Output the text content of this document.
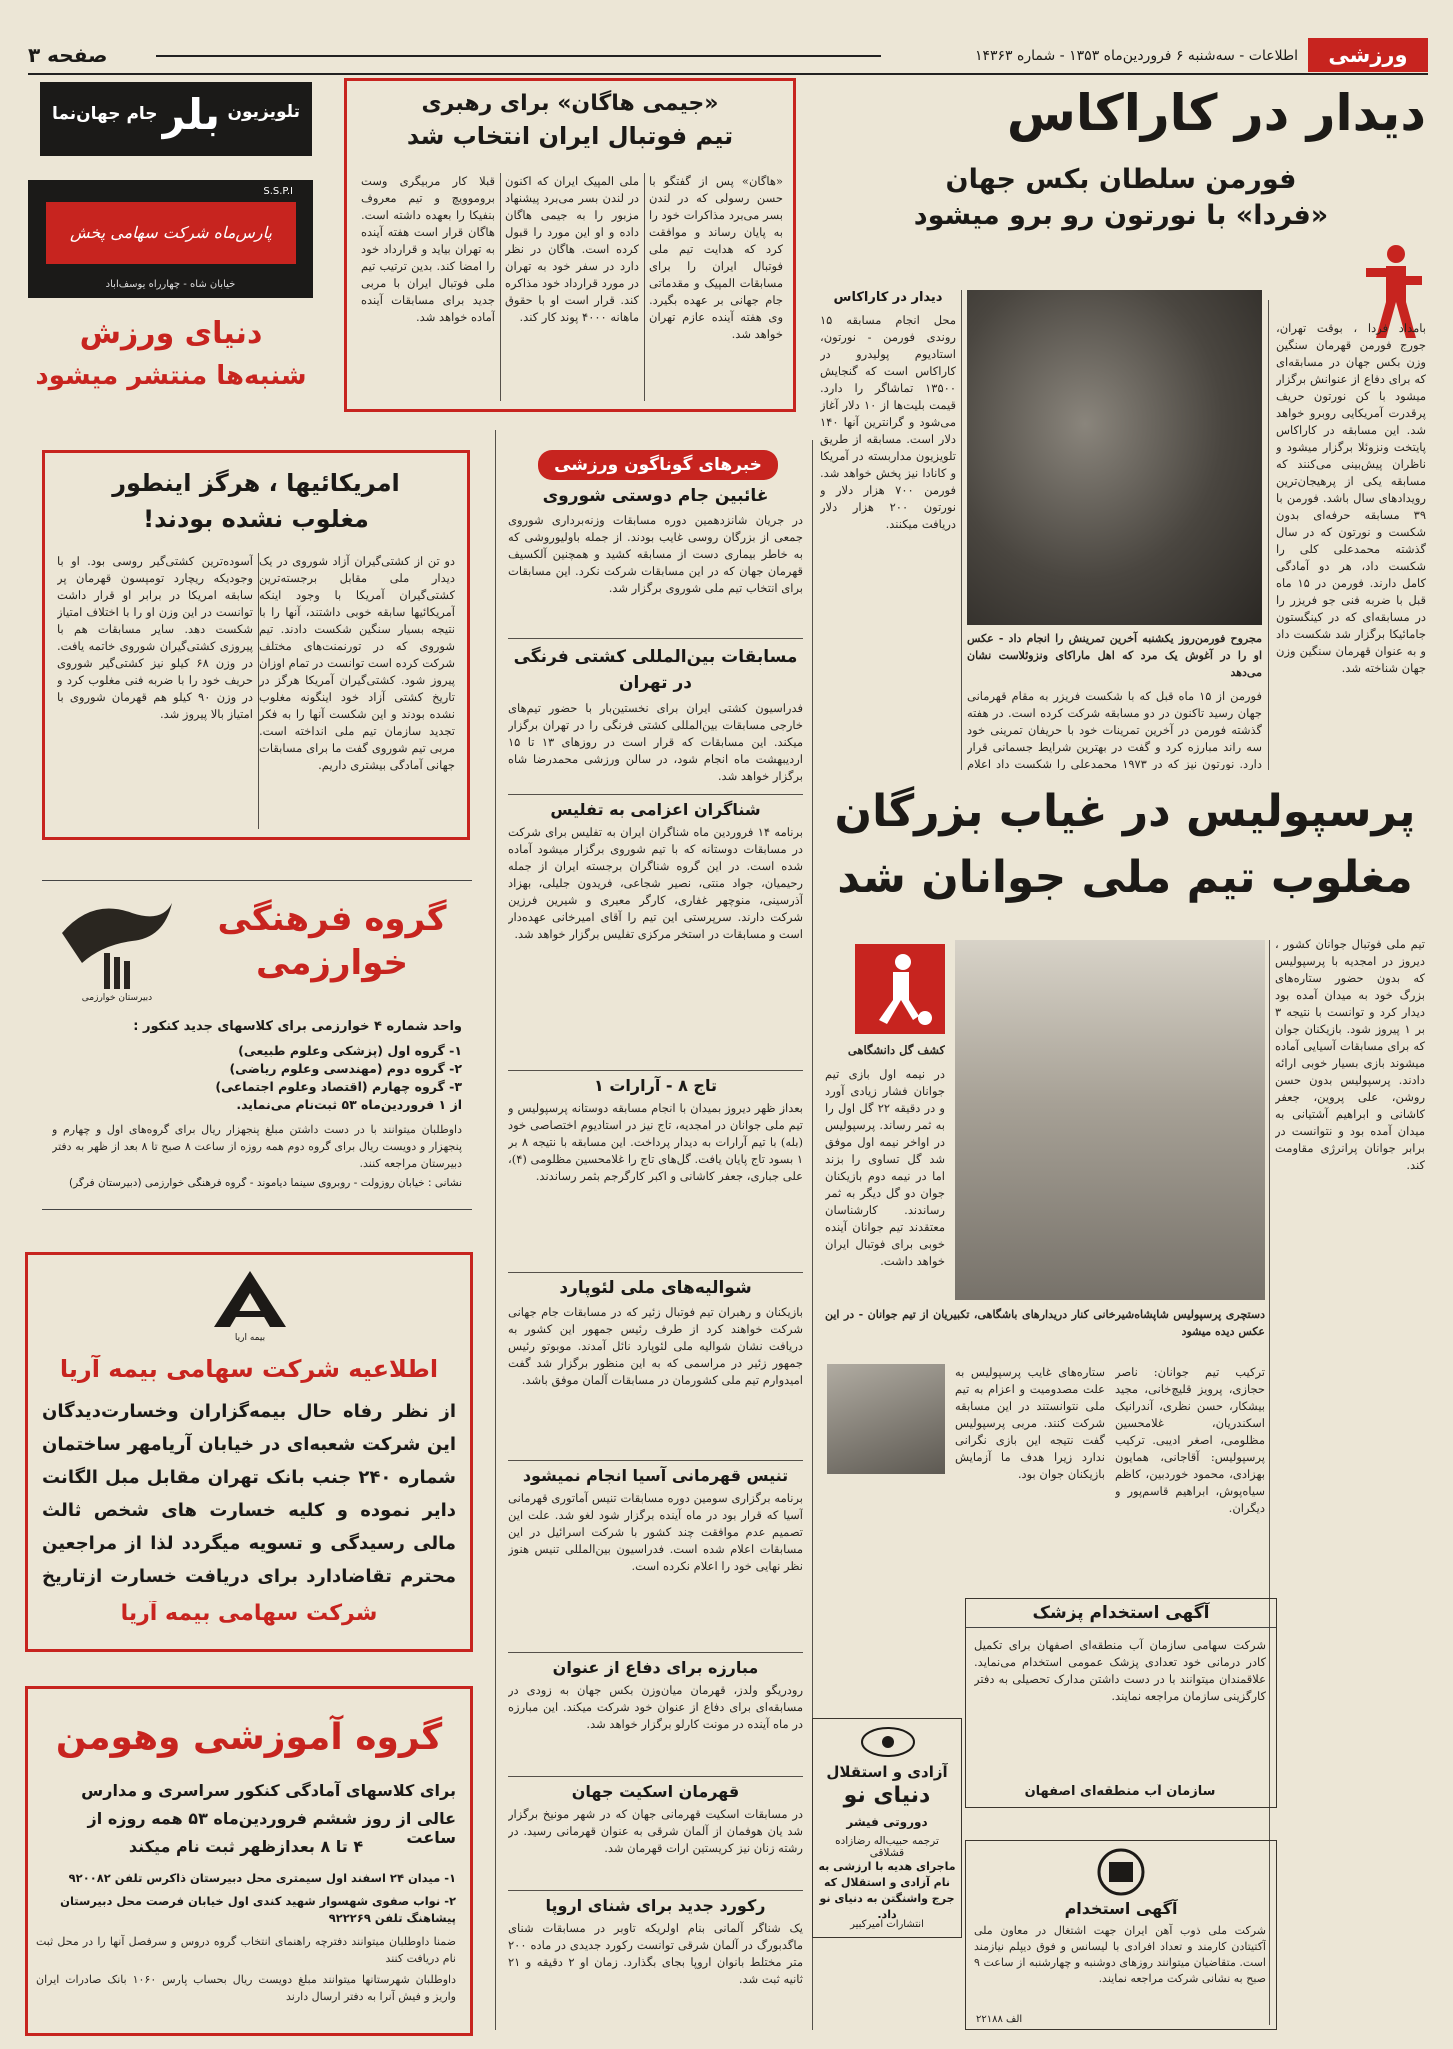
ورزشی
اطلاعات - سه‌شنبه ۶ فروردین‌ماه ۱۳۵۳ - شماره ۱۴۳۶۳
صفحه ۳
تلویزیون
بلر
جام جهان‌نما
S.S.P.I
پارس‌ماه شرکت سهامی پخش
خیابان شاه - چهارراه یوسف‌آباد
دنیای ورزش
شنبه‌ها منتشر میشود
«جیمی هاگان» برای رهبری
تیم فوتبال ایران انتخاب شد
«هاگان» پس از گفتگو با حسن رسولی که در لندن بسر می‌برد مذاکرات خود را به پایان رساند و موافقت کرد که هدایت تیم ملی فوتبال ایران را برای مسابقات المپیک و مقدماتی جام جهانی بر عهده بگیرد. وی هفته آینده عازم تهران خواهد شد.
ملی المپیک ایران که اکنون در لندن بسر می‌برد پیشنهاد مزبور را به جیمی هاگان داده و او این مورد را قبول کرده است. هاگان در نظر دارد در سفر خود به تهران در مورد قرارداد خود مذاکره کند. قرار است او با حقوق ماهانه ۴۰۰۰ پوند کار کند.
قبلا کار مربیگری وست بروموویچ و تیم معروف بنفیکا را بعهده داشته است. هاگان قرار است هفته آینده به تهران بیاید و قرارداد خود را امضا کند. بدین ترتیب تیم ملی فوتبال ایران با مربی جدید برای مسابقات آینده آماده خواهد شد.
دیدار در کاراکاس
فورمن سلطان بکس جهان
«فردا» با نورتون رو برو میشود
بامداد فردا ، بوقت تهران، جورج فورمن قهرمان سنگین وزن بکس جهان در مسابقه‌ای که برای دفاع از عنوانش برگزار میشود با کن نورتون حریف پرقدرت آمریکایی روبرو خواهد شد. این مسابقه در کاراکاس پایتخت ونزوئلا برگزار میشود و ناظران پیش‌بینی می‌کنند که مسابقه یکی از پرهیجان‌ترین رویدادهای سال باشد. فورمن با ۳۹ مسابقه حرفه‌ای بدون شکست و نورتون که در سال گذشته محمدعلی کلی را شکست داد، هر دو آمادگی کامل دارند. فورمن در ۱۵ ماه قبل با ضربه فنی جو فریزر را در مسابقه‌ای که در کینگستون جامائیکا برگزار شد شکست داد و به عنوان قهرمان سنگین وزن جهان شناخته شد.
مجروح فورمن‌روز یکشنبه آخرین تمرینش را انجام داد - عکس او را در آغوش یک مرد که اهل ماراکای ونزوئلاست نشان می‌دهد
فورمن از ۱۵ ماه قبل که با شکست فریزر به مقام قهرمانی جهان رسید تاکنون در دو مسابقه شرکت کرده است. در هفته گذشته فورمن در آخرین تمرینات خود با حریفان تمرینی خود سه راند مبارزه کرد و گفت در بهترین شرایط جسمانی قرار دارد. نورتون نیز که در ۱۹۷۳ محمدعلی را شکست داد اعلام
دیدار در کاراکاس
محل انجام مسابقه ۱۵ روندی فورمن - نورتون، استادیوم پولیدرو در کاراکاس است که گنجایش ۱۳۵۰۰ تماشاگر را دارد. قیمت بلیت‌ها از ۱۰ دلار آغاز می‌شود و گرانترین آنها ۱۴۰ دلار است. مسابقه از طریق تلویزیون مداربسته در آمریکا و کانادا نیز پخش خواهد شد. فورمن ۷۰۰ هزار دلار و نورتون ۲۰۰ هزار دلار دریافت میکنند.
امریکائیها ، هرگز اینطور
مغلوب نشده بودند!
دو تن از کشتی‌گیران آزاد شوروی در یک دیدار ملی مقابل برجسته‌ترین کشتی‌گیران آمریکا با وجود اینکه آمریکائیها سابقه خوبی داشتند، آنها را با نتیجه بسیار سنگین شکست دادند. تیم شوروی که در تورنمنت‌های مختلف شرکت کرده است توانست در تمام اوزان پیروز شود. کشتی‌گیران آمریکا هرگز در تاریخ کشتی آزاد خود اینگونه مغلوب نشده بودند و این شکست آنها را به فکر تجدید سازمان تیم ملی انداخته است. مربی تیم شوروی گفت ما برای مسابقات جهانی آمادگی بیشتری داریم.
آسوده‌ترین کشتی‌گیر روسی بود. او با وجودیکه ریچارد تومپسون قهرمان پر سابقه امریکا در برابر او قرار داشت توانست در این وزن او را با اختلاف امتیاز شکست دهد. سایر مسابقات هم با پیروزی کشتی‌گیران شوروی خاتمه یافت. در وزن ۶۸ کیلو نیز کشتی‌گیر شوروی حریف خود را با ضربه فنی مغلوب کرد و در وزن ۹۰ کیلو هم قهرمان شوروی با امتیاز بالا پیروز شد.
خبرهای گوناگون ورزشی
غائبین جام دوستی شوروی
در جریان شانزدهمین دوره مسابقات وزنه‌برداری شوروی جمعی از بزرگان روسی غایب بودند. از جمله باولیوروشی که به خاطر بیماری دست از مسابقه کشید و همچنین آلکسیف قهرمان جهان که در این مسابقات شرکت نکرد. این مسابقات برای انتخاب تیم ملی شوروی برگزار شد.
مسابقات بین‌المللی کشتی فرنگی در تهران
فدراسیون کشتی ایران برای نخستین‌بار با حضور تیم‌های خارجی مسابقات بین‌المللی کشتی فرنگی را در تهران برگزار میکند. این مسابقات که قرار است در روزهای ۱۳ تا ۱۵ اردیبهشت ماه انجام شود، در سالن ورزشی محمدرضا شاه برگزار خواهد شد.
شناگران اعزامی به تفلیس
برنامه ۱۴ فروردین ماه شناگران ایران به تفلیس برای شرکت در مسابقات دوستانه که با تیم شوروی برگزار میشود آماده شده است. در این گروه شناگران برجسته ایران از جمله رحیمیان، جواد منتی، نصیر شجاعی، فریدون جلیلی، بهزاد آذرسینی، منوچهر غفاری، کارگر معیری و شیرین فرزین شرکت دارند. سرپرستی این تیم را آقای امیرخانی عهده‌دار است و مسابقات در استخر مرکزی تفلیس برگزار خواهد شد.
تاج ۸ - آرارات ۱
بعداز ظهر دیروز بمیدان با انجام مسابقه دوستانه پرسپولیس و تیم ملی جوانان در امجدیه، تاج نیز در استادیوم اختصاصی خود (بله) با تیم آرارات به دیدار پرداخت. این مسابقه با نتیجه ۸ بر ۱ بسود تاج پایان یافت. گل‌های تاج را غلامحسین مظلومی (۴)، علی جباری، جعفر کاشانی و اکبر کارگرجم بثمر رساندند.
شوالیه‌های ملی لئوپارد
بازیکنان و رهبران تیم فوتبال زئیر که در مسابقات جام جهانی شرکت خواهند کرد از طرف رئیس جمهور این کشور به دریافت نشان شوالیه ملی لئوپارد نائل آمدند. موبوتو رئیس جمهور زئیر در مراسمی که به این منظور برگزار شد گفت امیدوارم تیم ملی کشورمان در مسابقات آلمان موفق باشد.
تنیس قهرمانی آسیا انجام نمیشود
برنامه برگزاری سومین دوره مسابقات تنیس آماتوری قهرمانی آسیا که قرار بود در ماه آینده برگزار شود لغو شد. علت این تصمیم عدم موافقت چند کشور با شرکت اسرائیل در این مسابقات اعلام شده است. فدراسیون بین‌المللی تنیس هنوز نظر نهایی خود را اعلام نکرده است.
مبارزه برای دفاع از عنوان
رودریگو ولدز، قهرمان میان‌وزن بکس جهان به زودی در مسابقه‌ای برای دفاع از عنوان خود شرکت میکند. این مبارزه در ماه آینده در مونت کارلو برگزار خواهد شد.
قهرمان اسکیت جهان
در مسابقات اسکیت قهرمانی جهان که در شهر مونیخ برگزار شد یان هوفمان از آلمان شرقی به عنوان قهرمانی رسید. در رشته زنان نیز کریستین ارات قهرمان شد.
رکورد جدید برای شنای اروپا
یک شناگر آلمانی بنام اولریکه تاوبر در مسابقات شنای ماگدبورگ در آلمان شرقی توانست رکورد جدیدی در ماده ۲۰۰ متر مختلط بانوان اروپا بجای بگذارد. زمان او ۲ دقیقه و ۲۱ ثانیه ثبت شد.
دبیرستان خوارزمی
گروه فرهنگی
خوارزمی
واحد شماره ۴ خوارزمی برای کلاسهای جدید کنکور :
۱- گروه اول (پزشکی وعلوم طبیعی)
۲- گروه دوم (مهندسی وعلوم ریاضی)
۳- گروه چهارم (اقتصاد وعلوم اجتماعی)
از ۱ فروردین‌ماه ۵۳ ثبت‌نام می‌نماید.
داوطلبان میتوانند با در دست داشتن مبلغ پنجهزار ریال برای گروه‌های اول و چهارم و پنجهزار و دویست ریال برای گروه دوم همه روزه از ساعت ۸ صبح تا ۸ بعد از ظهر به دفتر دبیرستان مراجعه کنند.
نشانی : خیابان روزولت - روبروی سینما دیاموند - گروه فرهنگی خوارزمی (دبیرستان فرگر)
بیمه آریا
اطلاعیه شرکت سهامی بیمه آریا
از نظر رفاه حال بیمه‌گزاران وخسارت‌دیدگان این شرکت شعبه‌ای در خیابان آریامهر ساختمان شماره ۲۴۰ جنب بانک تهران مقابل مبل الگانت دایر نموده و کلیه خسارت های شخص ثالث مالی رسیدگی و تسویه میگردد لذا از مراجعین محترم تقاضادارد برای دریافت خسارت ازتاریخ
شرکت سهامی بیمه آریا
گروه آموزشی وهومن
برای کلاسهای آمادگی کنکور سراسری و مدارس
عالی از روز ششم فروردین‌ماه ۵۳ همه روزه از ساعت
۴ تا ۸ بعدازظهر ثبت نام میکند
۱- میدان ۲۴ اسفند اول سیمتری محل دبیرستان ذاکرس تلفن ۹۲۰۰۸۲
۲- نواب صفوی شهسوار شهید کندی اول خیابان فرصت محل دبیرستان پیشاهنگ تلفن ۹۲۲۲۶۹
ضمنا داوطلبان میتوانند دفترچه راهنمای انتخاب گروه دروس و سرفصل آنها را در محل ثبت نام دریافت کنند
داوطلبان شهرستانها میتوانند مبلغ دویست ریال بحساب پارس ۱۰۶۰ بانک صادرات ایران واریز و فیش آنرا به دفتر ارسال دارند
پرسپولیس در غیاب بزرگان
مغلوب تیم ملی جوانان شد
تیم ملی فوتبال جوانان کشور ، دیروز در امجدیه با پرسپولیس که بدون حضور ستاره‌های بزرگ خود به میدان آمده بود دیدار کرد و توانست با نتیجه ۳ بر ۱ پیروز شود. بازیکنان جوان که برای مسابقات آسیایی آماده میشوند بازی بسیار خوبی ارائه دادند. پرسپولیس بدون حسن روشن، علی پروین، جعفر کاشانی و ابراهیم آشتیانی به میدان آمده بود و نتوانست در برابر جوانان پرانرژی مقاومت کند.
کشف گل دانشگاهی
در نیمه اول بازی تیم جوانان فشار زیادی آورد و در دقیقه ۲۲ گل اول را به ثمر رساند. پرسپولیس در اواخر نیمه اول موفق شد گل تساوی را بزند اما در نیمه دوم بازیکنان جوان دو گل دیگر به ثمر رساندند. کارشناسان معتقدند تیم جوانان آینده خوبی برای فوتبال ایران خواهد داشت.
دستچری پرسپولیس شاپشاه‌شیرخانی کنار دریدار‌های باشگاهی، تکبیریان از تیم جوانان - در این عکس دیده میشود
ترکیب تیم جوانان: ناصر حجازی، پرویز قلیچ‌خانی، مجید بیشکار، حسن نظری، آندرانیک اسکندریان، غلامحسین مظلومی، اصغر ادیبی. ترکیب پرسپولیس: آقاجانی، همایون بهزادی، محمود خوردبین، کاظم سیاه‌پوش، ابراهیم قاسم‌پور و دیگران.
ستاره‌های غایب پرسپولیس به علت مصدومیت و اعزام به تیم ملی نتوانستند در این مسابقه شرکت کنند. مربی پرسپولیس گفت نتیجه این بازی نگرانی ندارد زیرا هدف ما آزمایش بازیکنان جوان بود.
آگهی استخدام پزشک
شرکت سهامی سازمان آب منطقه‌ای اصفهان برای تکمیل کادر درمانی خود تعدادی پزشک عمومی استخدام می‌نماید. علاقمندان میتوانند با در دست داشتن مدارک تحصیلی به دفتر کارگزینی سازمان مراجعه نمایند.
سازمان آب منطقه‌ای اصفهان
آزادی و استقلال
دنیای نو
دوروتی فیشر
ترجمه حبیب‌اله رضازاده قشلاقی
ماجرای هدیه با ارزشی به نام آزادی و استقلال که جرج واشنگتن به دنیای نو داد.
انتشارات امیرکبیر
آگهی استخدام
شرکت ملی ذوب آهن ایران جهت اشتغال در معاون ملی آکتیتادن کارمند و تعداد افرادی با لیسانس و فوق دیپلم نیازمند است. متقاضیان میتوانند روزهای دوشنبه و چهارشنبه از ساعت ۹ صبح به نشانی شرکت مراجعه نمایند.
الف ۲۲۱۸۸
